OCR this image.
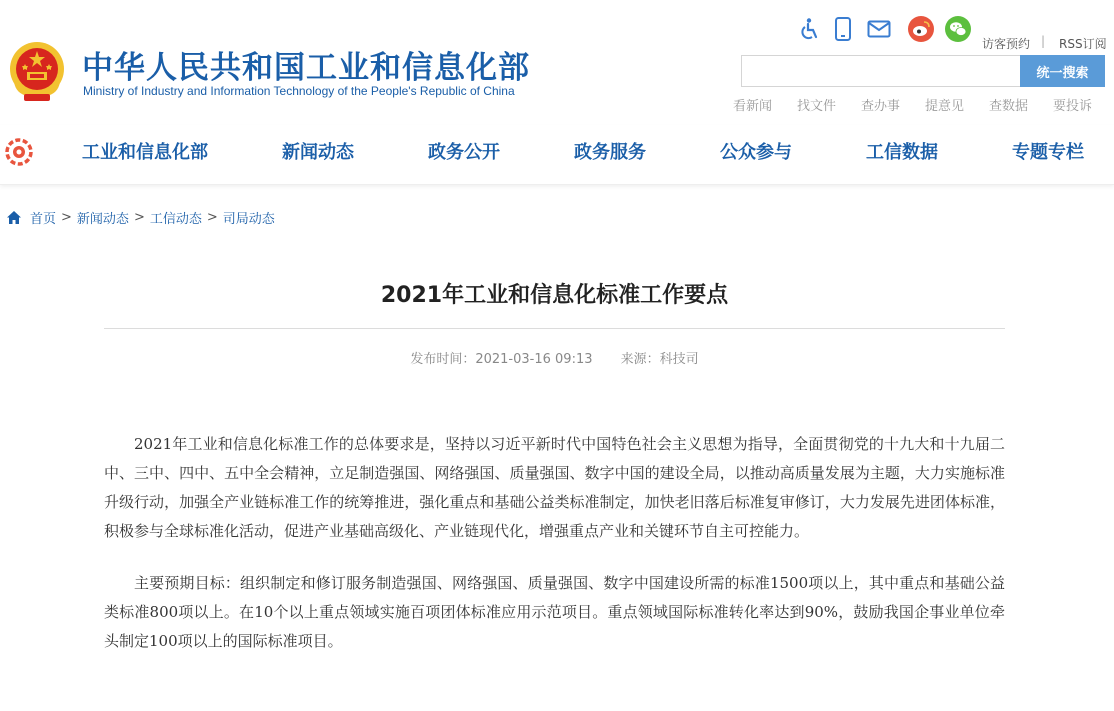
中华人民共和国工业和信息化部
Ministry of Industry and Information Technology of the People's Republic of China
访客预约 | RSS订阅
统一搜索
看新闻 找文件 查办事 提意见 查数据 要投诉
工业和信息化部	新闻动态	政务公开	政务服务	公众参与	工信数据	专题专栏
首页 > 新闻动态 > 工信动态 > 司局动态
2021年工业和信息化标准工作要点
发布时间：2021-03-16 09:13 来源：科技司

2021年工业和信息化标准工作的总体要求是，坚持以习近平新时代中国特色社会主义思想为指导，全面贯彻党的十九大和十九届二中、三中、四中、五中全会精神，立足制造强国、网络强国、质量强国、数字中国的建设全局，以推动高质量发展为主题，大力实施标准升级行动，加强全产业链标准工作的统筹推进，强化重点和基础公益类标准制定，加快老旧落后标准复审修订，大力发展先进团体标准，积极参与全球标准化活动，促进产业基础高级化、产业链现代化，增强重点产业和关键环节自主可控能力。

主要预期目标：组织制定和修订服务制造强国、网络强国、质量强国、数字中国建设所需的标准1500项以上，其中重点和基础公益类标准800项以上。在10个以上重点领域实施百项团体标准应用示范项目。重点领域国际标准转化率达到90%，鼓励我国企事业单位牵头制定100项以上的国际标准项目。
